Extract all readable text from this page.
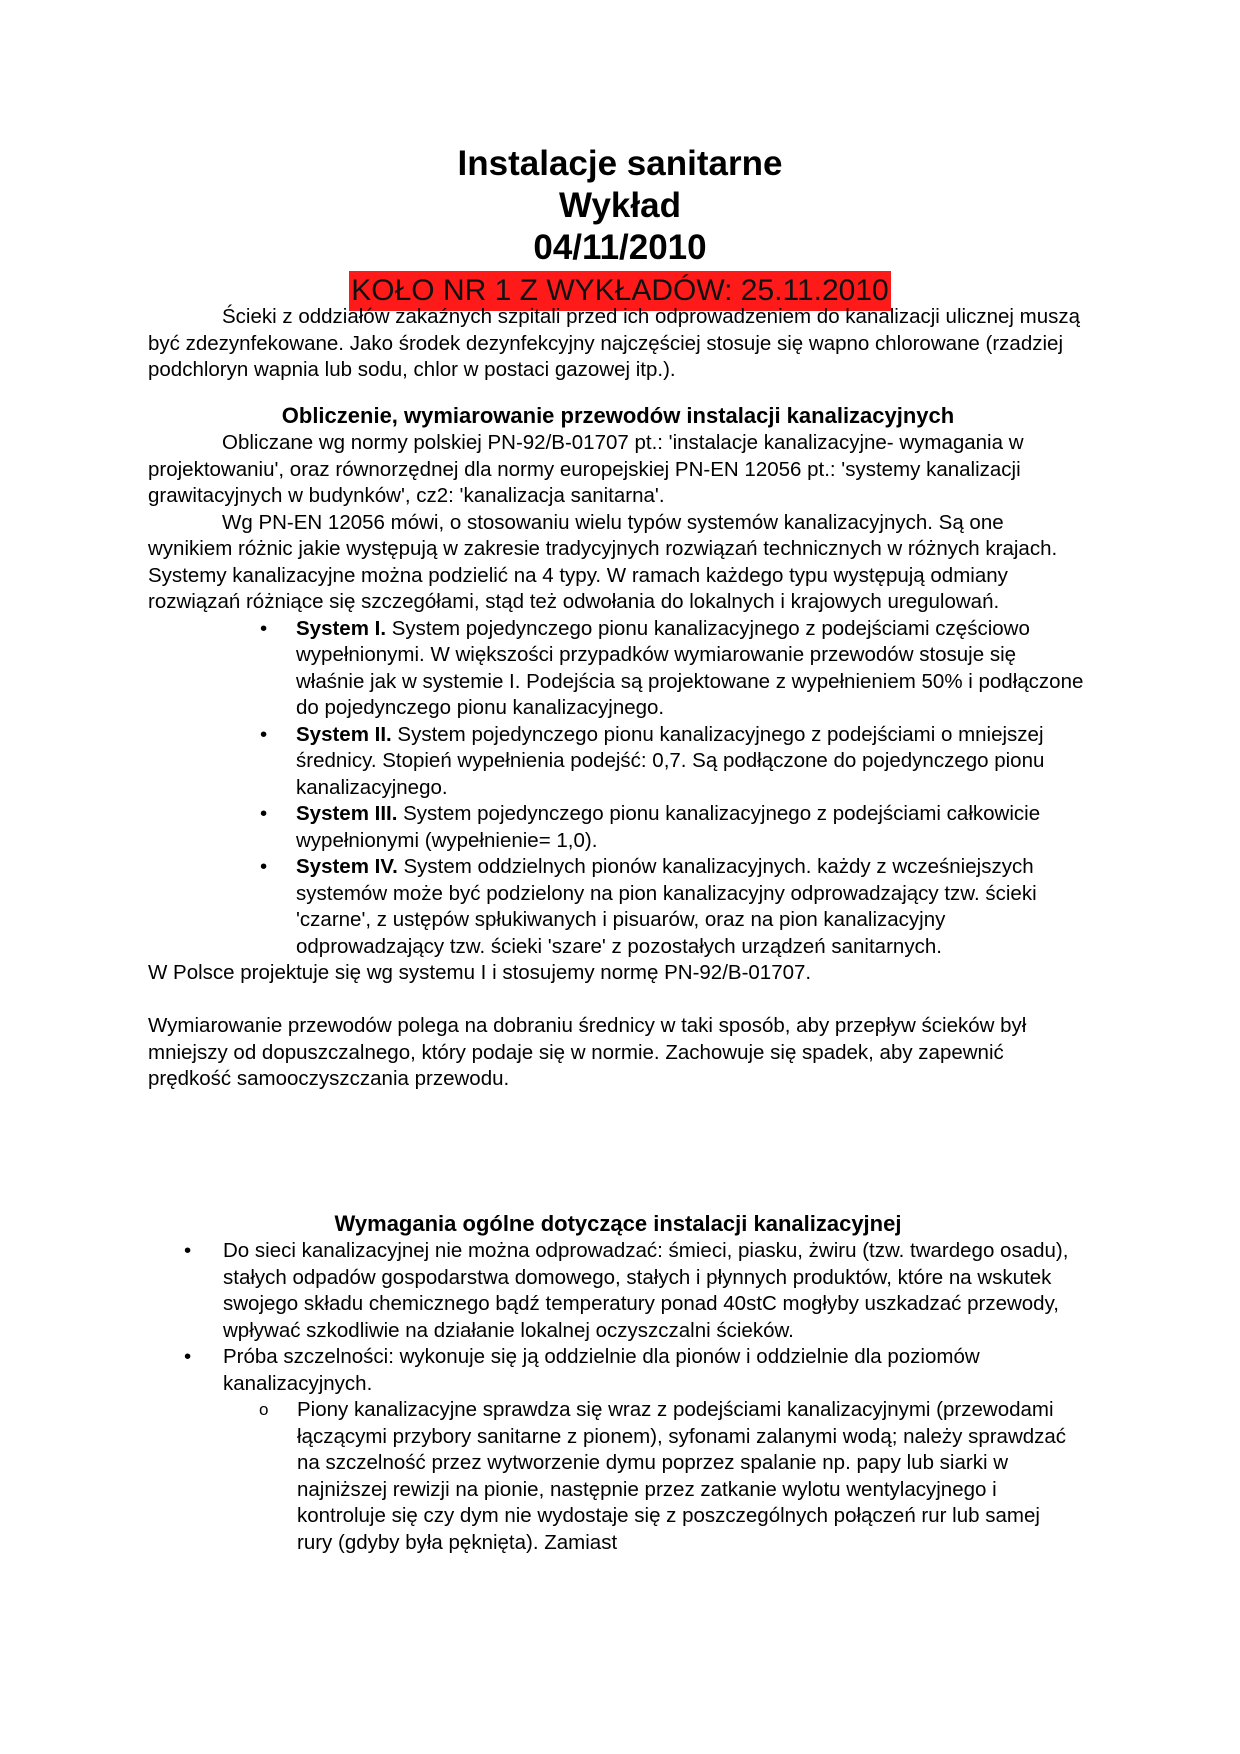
Instalacje sanitarne
Wykład
04/11/2010
KOŁO NR 1 Z WYKŁADÓW: 25.11.2010

Ścieki z oddziałów zakaźnych szpitali przed ich odprowadzeniem do kanalizacji ulicznej muszą być zdezynfekowane. Jako środek dezynfekcyjny najczęściej stosuje się wapno chlorowane (rzadziej podchloryn wapnia lub sodu, chlor w postaci gazowej itp.).

Obliczenie, wymiarowanie przewodów instalacji kanalizacyjnych

Obliczane wg normy polskiej PN-92/B-01707 pt.: 'instalacje kanalizacyjne- wymagania w projektowaniu', oraz równorzędnej dla normy europejskiej PN-EN 12056 pt.: 'systemy kanalizacji grawitacyjnych w budynków', cz2: 'kanalizacja sanitarna'.

Wg PN-EN 12056 mówi, o stosowaniu wielu typów systemów kanalizacyjnych. Są one wynikiem różnic jakie występują w zakresie tradycyjnych rozwiązań technicznych w różnych krajach. Systemy kanalizacyjne można podzielić na 4 typy. W ramach każdego typu występują odmiany rozwiązań różniące się szczegółami, stąd też odwołania do lokalnych i krajowych uregulowań.

• System I. System pojedynczego pionu kanalizacyjnego z podejściami częściowo wypełnionymi. W większości przypadków wymiarowanie przewodów stosuje się właśnie jak w systemie I. Podejścia są projektowane z wypełnieniem 50% i podłączone do pojedynczego pionu kanalizacyjnego.
• System II. System pojedynczego pionu kanalizacyjnego z podejściami o mniejszej średnicy. Stopień wypełnienia podejść: 0,7. Są podłączone do pojedynczego pionu kanalizacyjnego.
• System III. System pojedynczego pionu kanalizacyjnego z podejściami całkowicie wypełnionymi (wypełnienie= 1,0).
• System IV. System oddzielnych pionów kanalizacyjnych. każdy z wcześniejszych systemów może być podzielony na pion kanalizacyjny odprowadzający tzw. ścieki 'czarne', z ustępów spłukiwanych i pisuarów, oraz na pion kanalizacyjny odprowadzający tzw. ścieki 'szare' z pozostałych urządzeń sanitarnych.

W Polsce projektuje się wg systemu I i stosujemy normę PN-92/B-01707.

Wymiarowanie przewodów polega na dobraniu średnicy w taki sposób, aby przepływ ścieków był mniejszy od dopuszczalnego, który podaje się w normie. Zachowuje się spadek, aby zapewnić prędkość samooczyszczania przewodu.

Wymagania ogólne dotyczące instalacji kanalizacyjnej
• Do sieci kanalizacyjnej nie można odprowadzać: śmieci, piasku, żwiru (tzw. twardego osadu), stałych odpadów gospodarstwa domowego, stałych i płynnych produktów, które na wskutek swojego składu chemicznego bądź temperatury ponad 40stC mogłyby uszkadzać przewody, wpływać szkodliwie na działanie lokalnej oczyszczalni ścieków.
• Próba szczelności: wykonuje się ją oddzielnie dla pionów i oddzielnie dla poziomów kanalizacyjnych.
o Piony kanalizacyjne sprawdza się wraz z podejściami kanalizacyjnymi (przewodami łączącymi przybory sanitarne z pionem), syfonami zalanymi wodą; należy sprawdzać na szczelność przez wytworzenie dymu poprzez spalanie np. papy lub siarki w najniższej rewizji na pionie, następnie przez zatkanie wylotu wentylacyjnego i kontroluje się czy dym nie wydostaje się z poszczególnych połączeń rur lub samej rury (gdyby była pęknięta). Zamiast
